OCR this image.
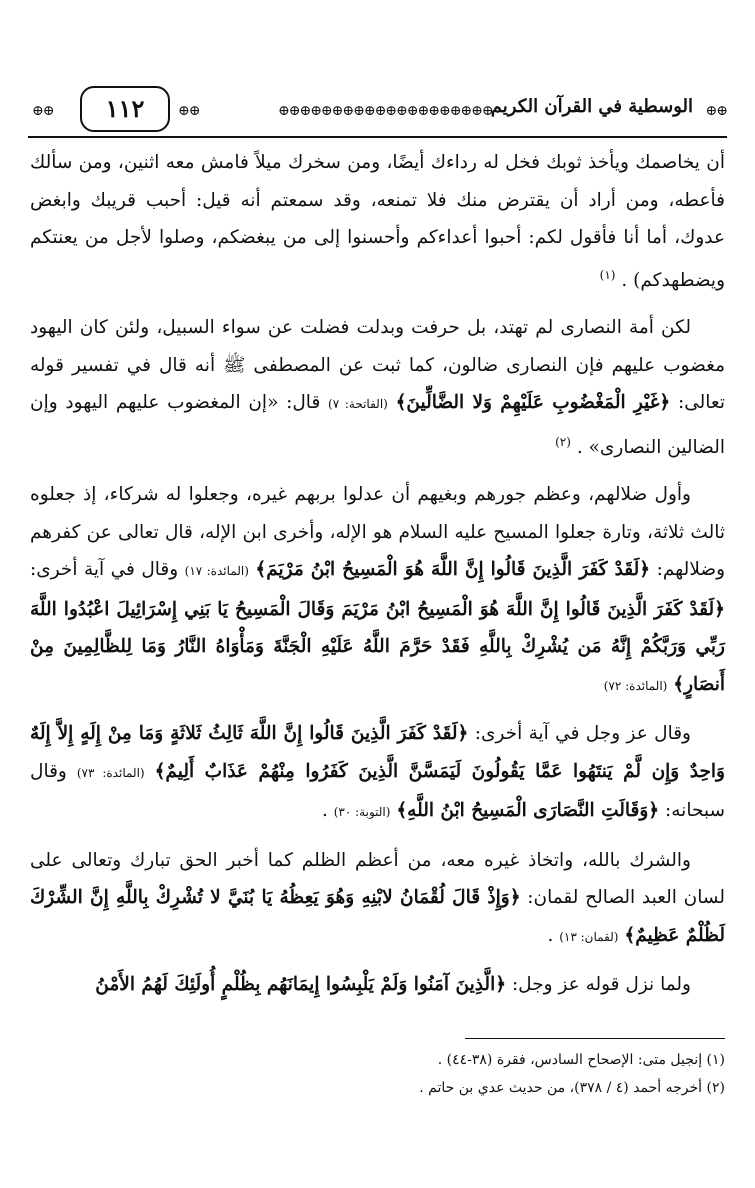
⊕⊕	١١٢	⊕⊕	⊕⊕⊕⊕⊕⊕⊕⊕⊕⊕⊕⊕⊕⊕⊕⊕⊕⊕⊕⊕
الوسطية في القرآن الكريم ⊕⊕

أن يخاصمك ويأخذ ثوبك فخل له رداءك أيضًا، ومن سخرك ميلاً فامش معه اثنين، ومن سألك فأعطه، ومن أراد أن يقترض منك فلا تمنعه، وقد سمعتم أنه قيل: أحبب قريبك وابغض عدوك، أما أنا فأقول لكم: أحبوا أعداءكم وأحسنوا إلى من يبغضكم، وصلوا لأجل من يعنتكم ويضطهدكم) . $^{(١)}$

لكن أمة النصارى لم تهتد، بل حرفت وبدلت فضلت عن سواء السبيل، ولئن كان اليهود مغضوب عليهم فإن النصارى ضالون، كما ثبت عن المصطفى ﷺ أنه قال في تفسير قوله تعالى: ﴿غَيْرِ الْمَغْضُوبِ عَلَيْهِمْ وَلا الضَّالِّينَ﴾ (الفاتحة: ٧) قال: «إن المغضوب عليهم اليهود وإن الضالين النصارى» . $^{(٢)}$

وأول ضلالهم، وعظم جورهم وبغيهم أن عدلوا بربهم غيره، وجعلوا له شركاء، إذ جعلوه ثالث ثلاثة، وتارة جعلوا المسيح عليه السلام هو الإله، وأخرى ابن الإله، قال تعالى عن كفرهم وضلالهم: ﴿لَقَدْ كَفَرَ الَّذِينَ قَالُوا إِنَّ اللَّهَ هُوَ الْمَسِيحُ ابْنُ مَرْيَمَ﴾ (المائدة: ١٧) وقال في آية أخرى: ﴿لَقَدْ كَفَرَ الَّذِينَ قَالُوا إِنَّ اللَّهَ هُوَ الْمَسِيحُ ابْنُ مَرْيَمَ وَقَالَ الْمَسِيحُ يَا بَنِي إِسْرَائِيلَ اعْبُدُوا اللَّهَ رَبِّي وَرَبَّكُمْ إِنَّهُ مَن يُشْرِكْ بِاللَّهِ فَقَدْ حَرَّمَ اللَّهُ عَلَيْهِ الْجَنَّةَ وَمَأْوَاهُ النَّارُ وَمَا لِلظَّالِمِينَ مِنْ أَنصَارٍ﴾ (المائدة: ٧٢)

وقال عز وجل في آية أخرى: ﴿لَقَدْ كَفَرَ الَّذِينَ قَالُوا إِنَّ اللَّهَ ثَالِثُ ثَلاثَةٍ وَمَا مِنْ إِلَهٍ إِلاَّ إِلَهٌ وَاحِدٌ وَإِن لَّمْ يَنتَهُوا عَمَّا يَقُولُونَ لَيَمَسَّنَّ الَّذِينَ كَفَرُوا مِنْهُمْ عَذَابٌ أَلِيمٌ﴾ (المائدة: ٧٣) وقال سبحانه: ﴿وَقَالَتِ النَّصَارَى الْمَسِيحُ ابْنُ اللَّهِ﴾ (التوبة: ٣٠) .

والشرك بالله، واتخاذ غيره معه، من أعظم الظلم كما أخبر الحق تبارك وتعالى على لسان العبد الصالح لقمان: ﴿وَإِذْ قَالَ لُقْمَانُ لابْنِهِ وَهُوَ يَعِظُهُ يَا بُنَيَّ لا تُشْرِكْ بِاللَّهِ إِنَّ الشِّرْكَ لَظُلْمٌ عَظِيمٌ﴾ (لقمان: ١٣) .

ولما نزل قوله عز وجل: ﴿الَّذِينَ آمَنُوا وَلَمْ يَلْبِسُوا إِيمَانَهُم بِظُلْمٍ أُولَئِكَ لَهُمُ الأَمْنُ

(١) إنجيل متى: الإصحاح السادس، فقرة (٣٨-٤٤) .
(٢) أخرجه أحمد (٤ / ٣٧٨)، من حديث عدي بن حاتم .
